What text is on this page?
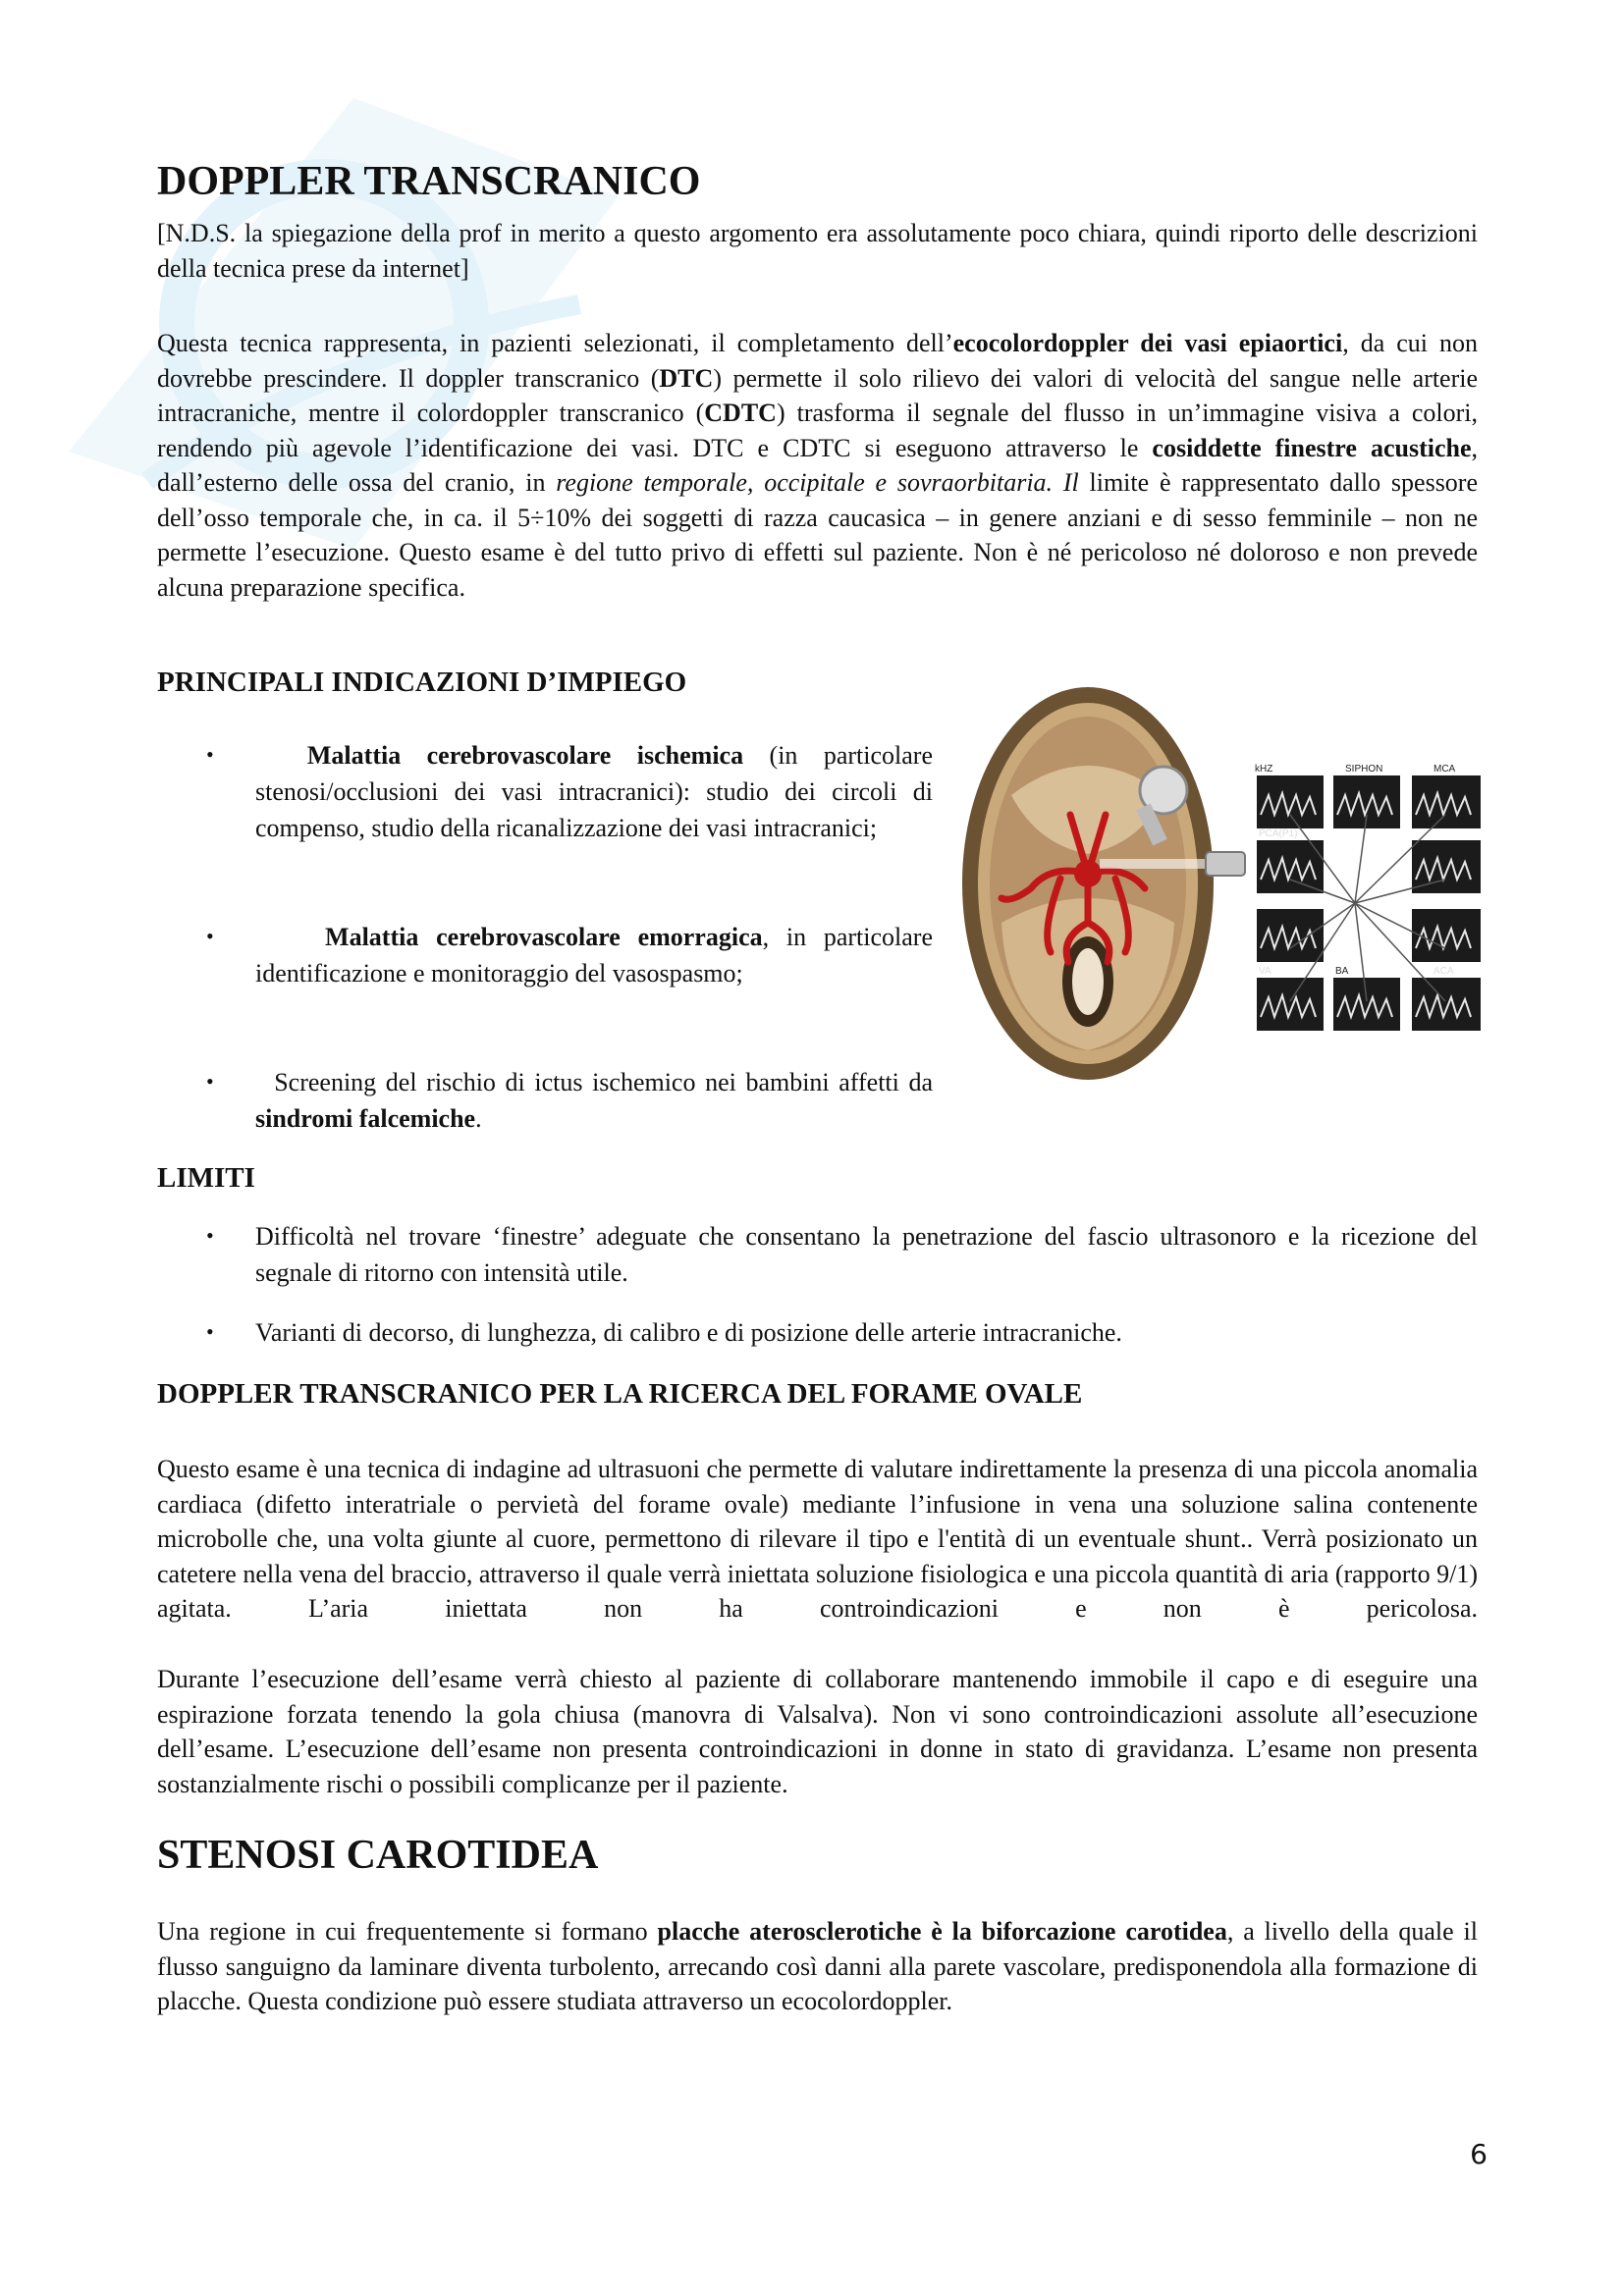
DOPPLER TRANSCRANICO

[N.D.S. la spiegazione della prof in merito a questo argomento era assolutamente poco chiara, quindi riporto delle descrizioni della tecnica prese da internet]

Questa tecnica rappresenta, in pazienti selezionati, il completamento dell’ecocolordoppler dei vasi epiaortici, da cui non dovrebbe prescindere. Il doppler transcranico (DTC) permette il solo rilievo dei valori di velocità del sangue nelle arterie intracraniche, mentre il colordoppler transcranico (CDTC) trasforma il segnale del flusso in un’immagine visiva a colori, rendendo più agevole l’identificazione dei vasi. DTC e CDTC si eseguono attraverso le cosiddette finestre acustiche, dall’esterno delle ossa del cranio, in regione temporale, occipitale e sovraorbitaria. Il limite è rappresentato dallo spessore dell’osso temporale che, in ca. il 5÷10% dei soggetti di razza caucasica – in genere anziani e di sesso femminile – non ne permette l’esecuzione. Questo esame è del tutto privo di effetti sul paziente. Non è né pericoloso né doloroso e non prevede alcuna preparazione specifica.

PRINCIPALI INDICAZIONI D’IMPIEGO
•	Malattia cerebrovascolare ischemica (in particolare stenosi/occlusioni dei vasi intracranici): studio dei circoli di compenso, studio della ricanalizzazione dei vasi intracranici;

•	Malattia cerebrovascolare emorragica, in particolare identificazione e monitoraggio del vasospasmo;

•	Screening del rischio di ictus ischemico nei bambini affetti da sindromi falcemiche.

kHZ	SIPHON	MCA
PCA(P1)
VA	BA	ACA
LIMITI
• Difficoltà nel trovare ‘finestre’ adeguate che consentano la penetrazione del fascio ultrasonoro e la ricezione del segnale di ritorno con intensità utile.

• Varianti di decorso, di lunghezza, di calibro e di posizione delle arterie intracraniche.

DOPPLER TRANSCRANICO PER LA RICERCA DEL FORAME OVALE

Questo esame è una tecnica di indagine ad ultrasuoni che permette di valutare indirettamente la presenza di una piccola anomalia cardiaca (difetto interatriale o pervietà del forame ovale) mediante l’infusione in vena una soluzione salina contenente microbolle che, una volta giunte al cuore, permettono di rilevare il tipo e l'entità di un eventuale shunt.. Verrà posizionato un catetere nella vena del braccio, attraverso il quale verrà iniettata soluzione fisiologica e una piccola quantità di aria (rapporto 9/1) agitata. L’aria iniettata non ha controindicazioni e non è pericolosa.

Durante l’esecuzione dell’esame verrà chiesto al paziente di collaborare mantenendo immobile il capo e di eseguire una espirazione forzata tenendo la gola chiusa (manovra di Valsalva). Non vi sono controindicazioni assolute all’esecuzione dell’esame. L’esecuzione dell’esame non presenta controindicazioni in donne in stato di gravidanza. L’esame non presenta sostanzialmente rischi o possibili complicanze per il paziente.

STENOSI CAROTIDEA

Una regione in cui frequentemente si formano placche aterosclerotiche è la biforcazione carotidea, a livello della quale il flusso sanguigno da laminare diventa turbolento, arrecando così danni alla parete vascolare, predisponendola alla formazione di placche. Questa condizione può essere studiata attraverso un ecocolordoppler.

6
